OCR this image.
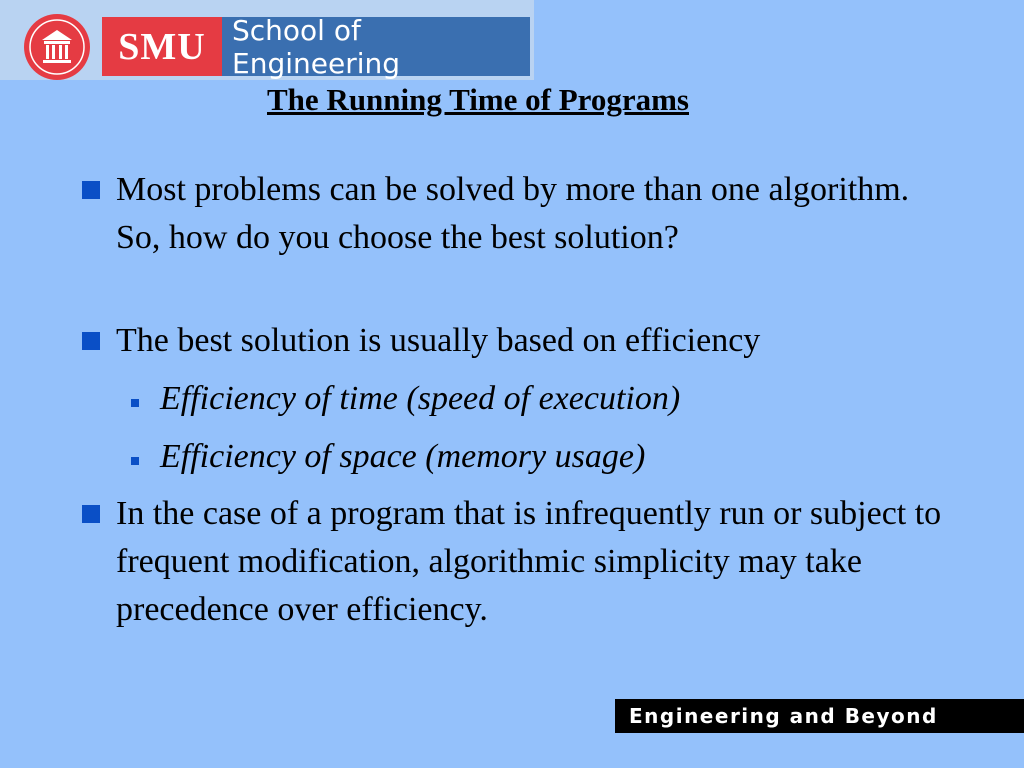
SMU School of Engineering
The Running Time of Programs
Most problems can be solved by more than one algorithm. So, how do you choose the best solution?
The best solution is usually based on efficiency
Efficiency of time (speed of execution)
Efficiency of space (memory usage)
In the case of a program that is infrequently run or subject to frequent modification, algorithmic simplicity may take precedence over efficiency.
Engineering and Beyond
